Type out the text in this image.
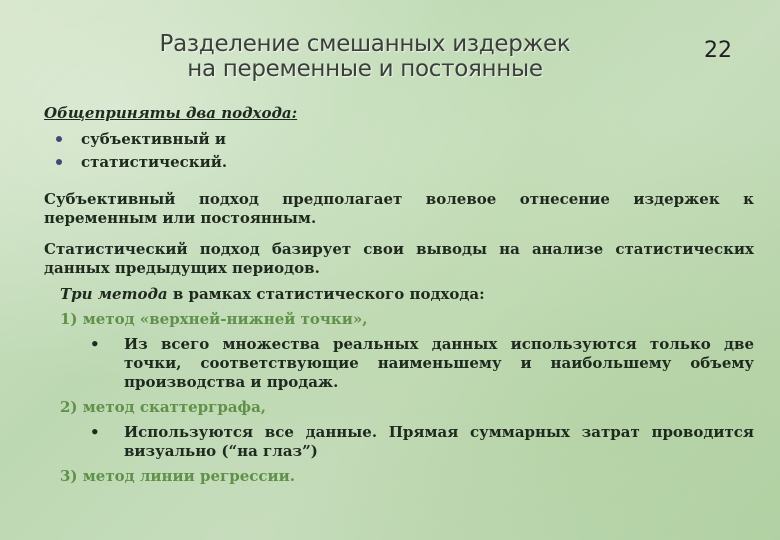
Разделение смешанных издержек
на переменные и постоянные
22
Общеприняты два подхода:
субъективный и
статистический.

Субъективный подход предполагает волевое отнесение издержек к переменным или постоянным.

Статистический подход базирует свои выводы на анализе статистических данных предыдущих периодов.

Три метода в рамках статистического подхода:
1) метод «верхней-нижней точки»,
• Из всего множества реальных данных используются только две точки, соответствующие наименьшему и наибольшему объему производства и продаж.
2) метод скаттерграфа,
• Используются все данные. Прямая суммарных затрат проводится визуально (“на глаз”)
3) метод линии регрессии.
